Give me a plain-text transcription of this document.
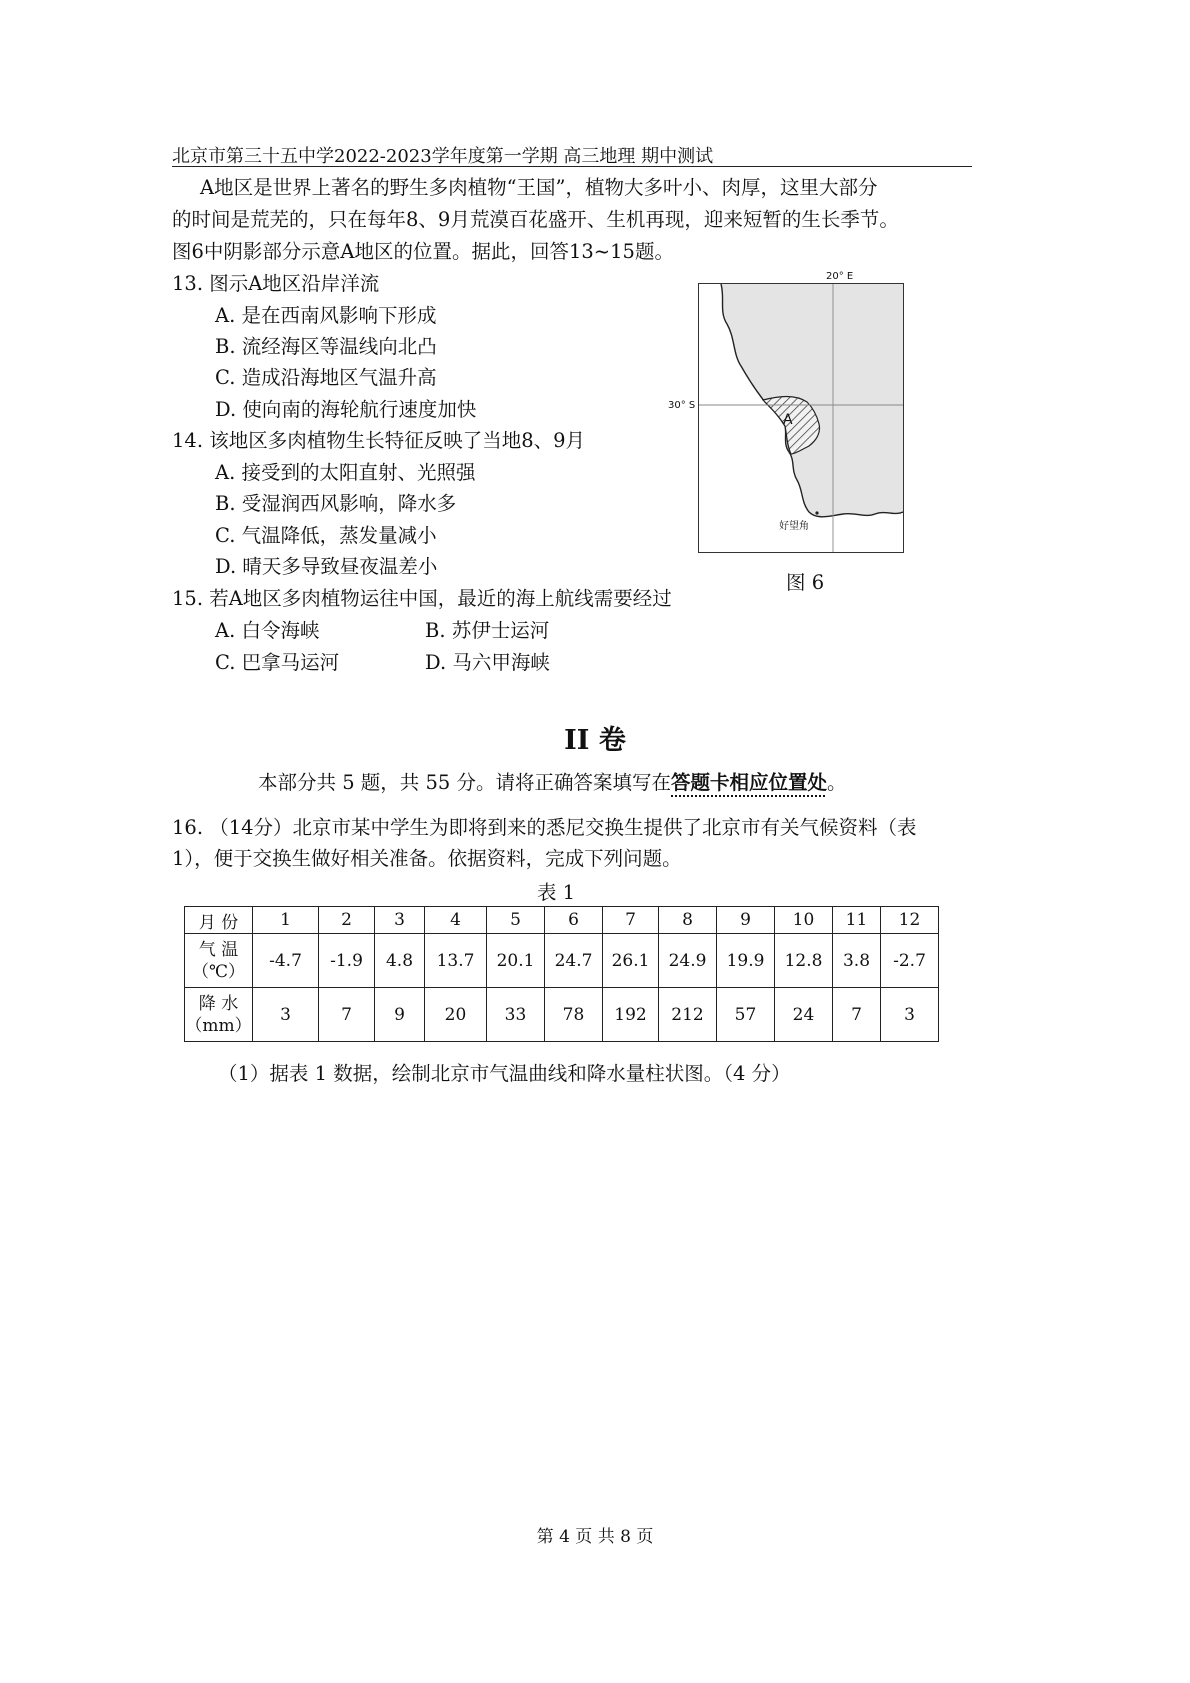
北京市第三十五中学2022-2023学年度第一学期 高三地理 期中测试
A地区是世界上著名的野生多肉植物“王国”，植物大多叶小、肉厚，这里大部分
的时间是荒芜的，只在每年8、9月荒漠百花盛开、生机再现，迎来短暂的生长季节。
图6中阴影部分示意A地区的位置。据此，回答13~15题。
13. 图示A地区沿岸洋流
A. 是在西南风影响下形成
B. 流经海区等温线向北凸
C. 造成沿海地区气温升高
D. 使向南的海轮航行速度加快
14. 该地区多肉植物生长特征反映了当地8、9月
A. 接受到的太阳直射、光照强
B. 受湿润西风影响，降水多
C. 气温降低，蒸发量减小
D. 晴天多导致昼夜温差小
15. 若A地区多肉植物运往中国，最近的海上航线需要经过
A. 白令海峡	B. 苏伊士运河
C. 巴拿马运河	D. 马六甲海峡
20° E
30° S
A
好望角
图 6
II 卷
本部分共 5 题，共 55 分。请将正确答案填写在答题卡相应位置处。
16. （14分）北京市某中学生为即将到来的悉尼交换生提供了北京市有关气候资料（表
1），便于交换生做好相关准备。依据资料，完成下列问题。
表 1
月 份	1	2	3	4	5	6	7	8	9	10	11	12

气 温
（℃）	-4.7	-1.9	4.8	13.7	20.1	24.7	26.1	24.9	19.9	12.8	3.8	-2.7

降 水
（mm）	3	7	9	20	33	78	192	212	57	24	7	3
（1）据表 1 数据，绘制北京市气温曲线和降水量柱状图。（4 分）
第 4 页 共 8 页
